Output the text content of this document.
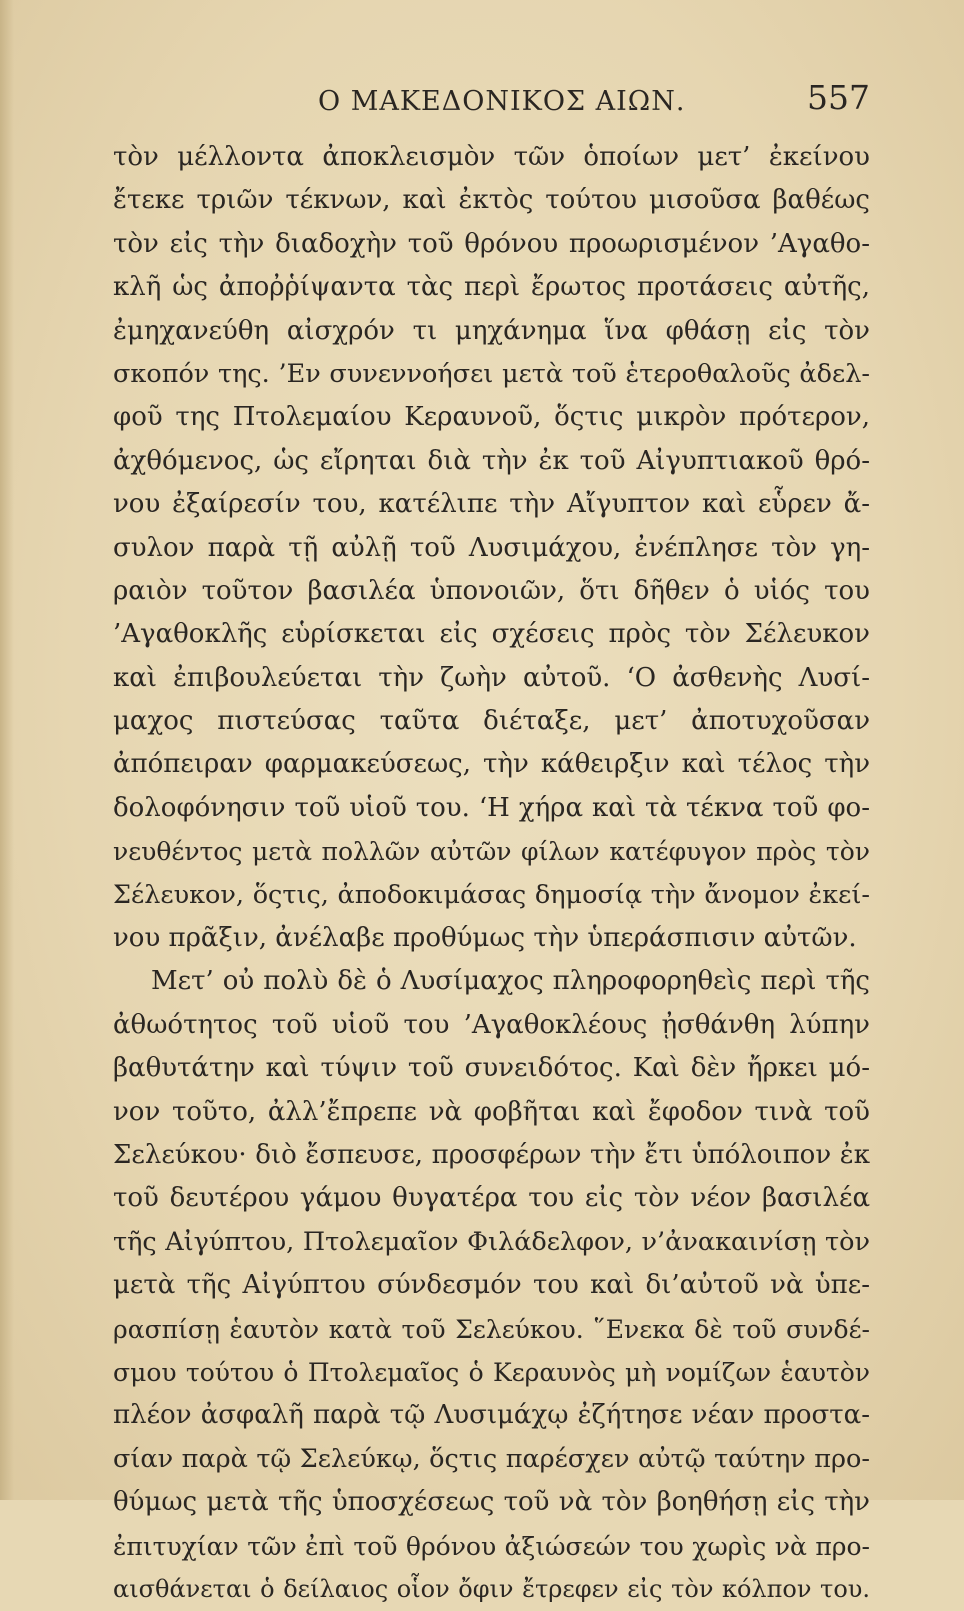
Ο ΜΑΚΕΔΟΝΙΚΟΣ ΑΙΩΝ.	557
τὸν μέλλοντα ἀποκλεισμὸν τῶν ὁποίων μετ’ ἐκείνου
ἔτεκε τριῶν τέκνων, καὶ ἐκτὸς τούτου μισοῦσα βαθέως
τὸν εἰς τὴν διαδοχὴν τοῦ θρόνου προωρισμένον ’Αγαθο-
κλῆ ὡς ἀποῤῥίψαντα τὰς περὶ ἔρωτος προτάσεις αὐτῆς,
ἐμηχανεύθη αἰσχρόν τι μηχάνημα ἵνα φθάσῃ εἰς τὸν
σκοπόν της. ’Εν συνεννοήσει μετὰ τοῦ ἑτεροθαλοῦς ἀδελ-
φοῦ της Πτολεμαίου Κεραυνοῦ, ὅςτις μικρὸν πρότερον,
ἀχθόμενος, ὡς εἴρηται διὰ τὴν ἐκ τοῦ Αἰγυπτιακοῦ θρό-
νου ἐξαίρεσίν του, κατέλιπε τὴν Αἴγυπτον καὶ εὗρεν ἄ-
συλον παρὰ τῇ αὐλῇ τοῦ Λυσιμάχου, ἐνέπλησε τὸν γη-
ραιὸν τοῦτον βασιλέα ὑπονοιῶν, ὅτι δῆθεν ὁ υἱός του
’Αγαθοκλῆς εὑρίσκεται εἰς σχέσεις πρὸς τὸν Σέλευκον
καὶ ἐπιβουλεύεται τὴν ζωὴν αὐτοῦ. ‘Ο ἀσθενὴς Λυσί-
μαχος πιστεύσας ταῦτα διέταξε, μετ’ ἀποτυχοῦσαν
ἀπόπειραν φαρμακεύσεως, τὴν κάθειρξιν καὶ τέλος τὴν
δολοφόνησιν τοῦ υἱοῦ του. ‘Η χήρα καὶ τὰ τέκνα τοῦ φο-
νευθέντος μετὰ πολλῶν αὐτῶν φίλων κατέφυγον πρὸς τὸν
Σέλευκον, ὅςτις, ἀποδοκιμάσας δημοσίᾳ τὴν ἄνομον ἐκεί-
νου πρᾶξιν, ἀνέλαβε προθύμως τὴν ὑπεράσπισιν αὐτῶν.
Μετ’ οὐ πολὺ δὲ ὁ Λυσίμαχος πληροφορηθεὶς περὶ τῆς
ἀθωότητος τοῦ υἱοῦ του ’Αγαθοκλέους ᾐσθάνθη λύπην
βαθυτάτην καὶ τύψιν τοῦ συνειδότος. Καὶ δὲν ἤρκει μό-
νον τοῦτο, ἀλλ’ἔπρεπε νὰ φοβῆται καὶ ἔφοδον τινὰ τοῦ
Σελεύκου· διὸ ἔσπευσε, προσφέρων τὴν ἔτι ὑπόλοιπον ἐκ
τοῦ δευτέρου γάμου θυγατέρα του εἰς τὸν νέον βασιλέα
τῆς Αἰγύπτου, Πτολεμαῖον Φιλάδελφον, ν’ἀνακαινίσῃ τὸν
μετὰ τῆς Αἰγύπτου σύνδεσμόν του καὶ δι’αὐτοῦ νὰ ὑπε-
ρασπίσῃ ἑαυτὸν κατὰ τοῦ Σελεύκου. ῞Ενεκα δὲ τοῦ συνδέ-
σμου τούτου ὁ Πτολεμαῖος ὁ Κεραυνὸς μὴ νομίζων ἑαυτὸν
πλέον ἀσφαλῆ παρὰ τῷ Λυσιμάχῳ ἐζήτησε νέαν προστα-
σίαν παρὰ τῷ Σελεύκῳ, ὅςτις παρέσχεν αὐτῷ ταύτην προ-
θύμως μετὰ τῆς ὑποσχέσεως τοῦ νὰ τὸν βοηθήσῃ εἰς τὴν
ἐπιτυχίαν τῶν ἐπὶ τοῦ θρόνου ἀξιώσεών του χωρὶς νὰ προ-
αισθάνεται ὁ δείλαιος οἷον ὄφιν ἔτρεφεν εἰς τὸν κόλπον του.
